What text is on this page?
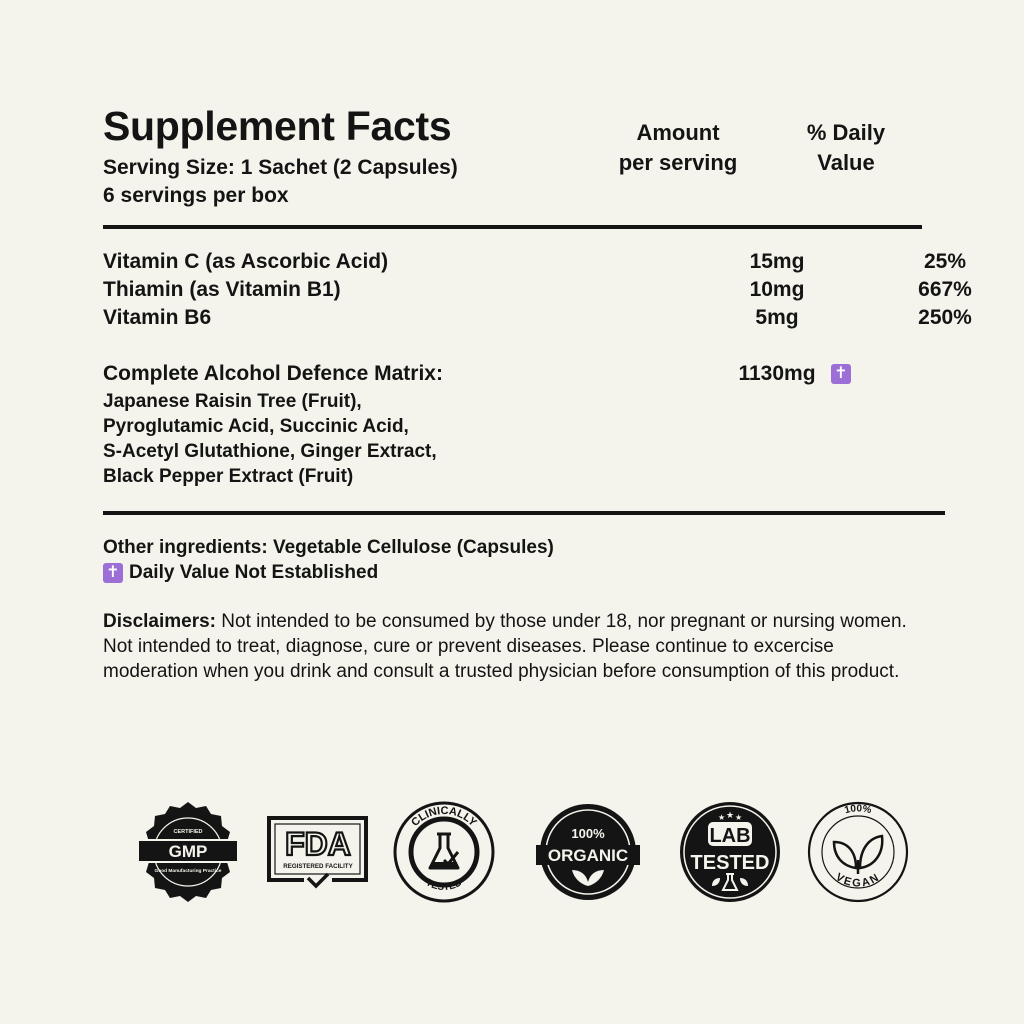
Supplement Facts
Serving Size: 1 Sachet (2 Capsules)
6 servings per box
Amount
per serving
% Daily
Value
Vitamin C (as Ascorbic Acid)	15mg	25%
Thiamin (as Vitamin B1)	10mg	667%
Vitamin B6	5mg	250%
Complete Alcohol Defence Matrix:	1130mg ✝
Japanese Raisin Tree (Fruit),
Pyroglutamic Acid, Succinic Acid,
S-Acetyl Glutathione, Ginger Extract,
Black Pepper Extract (Fruit)
Other ingredients: Vegetable Cellulose (Capsules)
✝ Daily Value Not Established
Disclaimers: Not intended to be consumed by those under 18, nor pregnant or nursing women. Not intended to treat, diagnose, cure or prevent diseases. Please continue to excercise moderation when you drink and consult a trusted physician before consumption of this product.
GMP
CERTIFIED
Good Manufacturing Practice
FDA
REGISTERED FACILITY
CLINICALLY
TESTED
100%
ORGANIC
★ ★ ★
LAB
TESTED
100%
VEGAN
